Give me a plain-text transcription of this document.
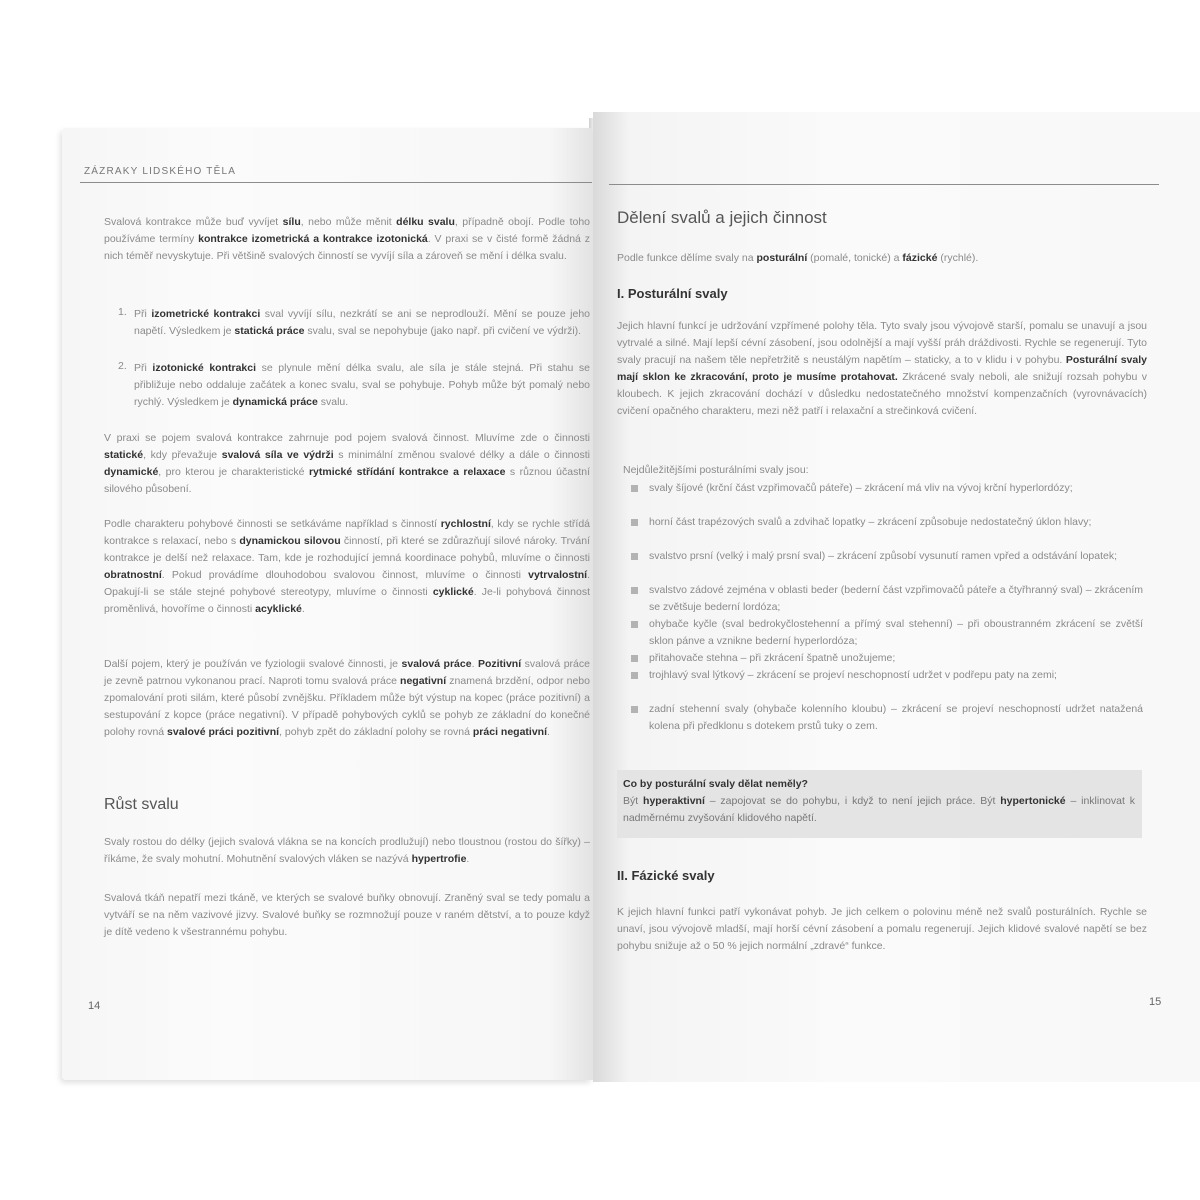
ZÁZRAKY LIDSKÉHO TĚLA

Svalová kontrakce může buď vyvíjet sílu, nebo může měnit délku svalu, případně obojí. Podle toho používáme termíny kontrakce izometrická a kontrakce izotonická. V praxi se v čisté formě žádná z nich téměř nevyskytuje. Při většině svalových činností se vyvíjí síla a zároveň se mění i délka svalu.

1. Při izometrické kontrakci sval vyvíjí sílu, nezkrátí se ani se neprodlouží. Mění se pouze jeho napětí. Výsledkem je statická práce svalu, sval se nepohybuje (jako např. při cvičení ve výdrži).

2. Při izotonické kontrakci se plynule mění délka svalu, ale síla je stále stejná. Při stahu se přibližuje nebo oddaluje začátek a konec svalu, sval se pohybuje. Pohyb může být pomalý nebo rychlý. Výsledkem je dynamická práce svalu.

V praxi se pojem svalová kontrakce zahrnuje pod pojem svalová činnost. Mluvíme zde o činnosti statické, kdy převažuje svalová síla ve výdrži s minimální změnou svalové délky a dále o činnosti dynamické, pro kterou je charakteristické rytmické střídání kontrakce a relaxace s různou účastní silového působení.

Podle charakteru pohybové činnosti se setkáváme například s činností rychlostní, kdy se rychle střídá kontrakce s relaxací, nebo s dynamickou silovou činností, při které se zdůrazňují silové nároky. Trvání kontrakce je delší než relaxace. Tam, kde je rozhodující jemná koordinace pohybů, mluvíme o činnosti obratnostní. Pokud provádíme dlouhodobou svalovou činnost, mluvíme o činnosti vytrvalostní. Opakují-li se stále stejné pohybové stereotypy, mluvíme o činnosti cyklické. Je-li pohybová činnost proměnlivá, hovoříme o činnosti acyklické.

Další pojem, který je používán ve fyziologii svalové činnosti, je svalová práce. Pozitivní svalová práce je zevně patrnou vykonanou prací. Naproti tomu svalová práce negativní znamená brzdění, odpor nebo zpomalování proti silám, které působí zvnějšku. Příkladem může být výstup na kopec (práce pozitivní) a sestupování z kopce (práce negativní). V případě pohybových cyklů se pohyb ze základní do konečné polohy rovná svalové práci pozitivní, pohyb zpět do základní polohy se rovná práci negativní.

Růst svalu

Svaly rostou do délky (jejich svalová vlákna se na koncích prodlužují) nebo tloustnou (rostou do šířky) – říkáme, že svaly mohutní. Mohutnění svalových vláken se nazývá hypertrofie.

Svalová tkáň nepatří mezi tkáně, ve kterých se svalové buňky obnovují. Zraněný sval se tedy pomalu a vytváří se na něm vazivové jizvy. Svalové buňky se rozmnožují pouze v raném dětství, a to pouze když je dítě vedeno k všestrannému pohybu.

14
Dělení svalů a jejich činnost

Podle funkce dělíme svaly na posturální (pomalé, tonické) a fázické (rychlé).

I. Posturální svaly

Jejich hlavní funkcí je udržování vzpřímené polohy těla. Tyto svaly jsou vývojově starší, pomalu se unavují a jsou vytrvalé a silné. Mají lepší cévní zásobení, jsou odolnější a mají vyšší práh dráždivosti. Rychle se regenerují. Tyto svaly pracují na našem těle nepřetržitě s neustálým napětím – staticky, a to v klidu i v pohybu. Posturální svaly mají sklon ke zkracování, proto je musíme protahovat. Zkrácené svaly neboli, ale snižují rozsah pohybu v kloubech. K jejich zkracování dochází v důsledku nedostatečného množství kompenzačních (vyrovnávacích) cvičení opačného charakteru, mezi něž patří i relaxační a strečinková cvičení.

Nejdůležitějšími posturálními svaly jsou:

svaly šíjové (krční část vzpřimovačů páteře) – zkrácení má vliv na vývoj krční hyperlordózy;

horní část trapézových svalů a zdvihač lopatky – zkrácení způsobuje nedostatečný úklon hlavy;

svalstvo prsní (velký i malý prsní sval) – zkrácení způsobí vysunutí ramen vpřed a odstávání lopatek;

svalstvo zádové zejména v oblasti beder (bederní část vzpřimovačů páteře a čtyřhranný sval) – zkrácením se zvětšuje bederní lordóza;

ohybače kyčle (sval bedrokyčlostehenní a přímý sval stehenní) – při oboustranném zkrácení se zvětší sklon pánve a vznikne bederní hyperlordóza;

přitahovače stehna – při zkrácení špatně unožujeme;

trojhlavý sval lýtkový – zkrácení se projeví neschopností udržet v podřepu paty na zemi;

zadní stehenní svaly (ohybače kolenního kloubu) – zkrácení se projeví neschopností udržet natažená kolena při předklonu s dotekem prstů tuky o zem.

Co by posturální svaly dělat neměly?

Být hyperaktivní – zapojovat se do pohybu, i když to není jejich práce. Být hypertonické – inklinovat k nadměrnému zvyšování klidového napětí.

II. Fázické svaly

K jejich hlavní funkci patří vykonávat pohyb. Je jich celkem o polovinu méně než svalů posturálních. Rychle se unaví, jsou vývojově mladší, mají horší cévní zásobení a pomalu regenerují. Jejich klidové svalové napětí se bez pohybu snižuje až o 50 % jejich normální „zdravé“ funkce.

15
